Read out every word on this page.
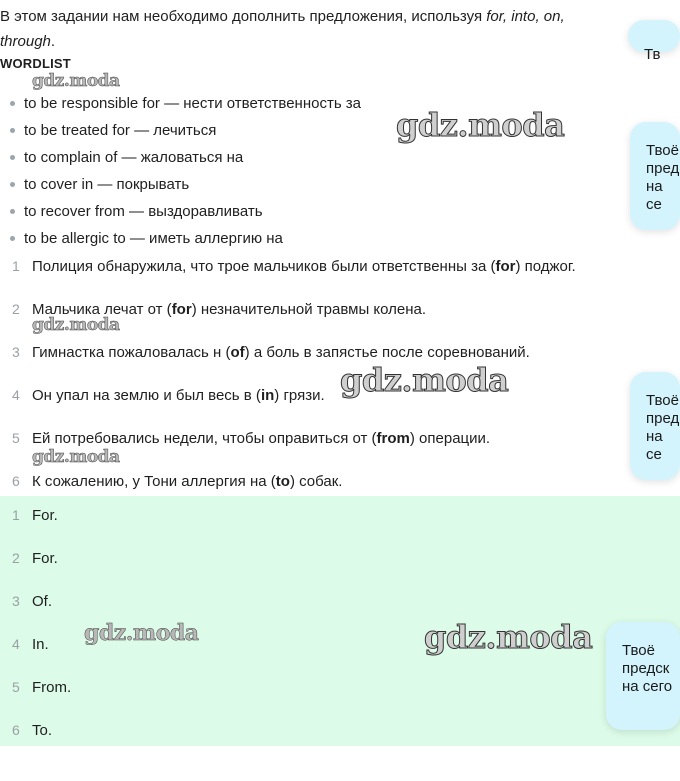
В этом задании нам необходимо дополнить предложения, используя for, into, on,
through.
WORDLIST
to be responsible for — нести ответственность за
to be treated for — лечиться
to complain of — жаловаться на
to cover in — покрывать
to recover from — выздоравливать
to be allergic to — иметь аллергию на
1 Полиция обнаружила, что трое мальчиков были ответственны за (for) поджог.
2 Мальчика лечат от (for) незначительной травмы колена.
3 Гимнастка пожаловалась н (of) а боль в запястье после соревнований.
4 Он упал на землю и был весь в (in) грязи.
5 Ей потребовались недели, чтобы оправиться от (from) операции.
6 К сожалению, у Тони аллергия на (to) собак.
1 For.
2 For.
3 Of.
4 In.
5 From.
6 To.
gdz.moda
gdz.moda
gdz.moda
gdz.moda
gdz.moda
gdz.moda	gdz.moda
Тв
Твоё
пред
на се
Твоё
пред
на се
Твоё
предск
на сего
